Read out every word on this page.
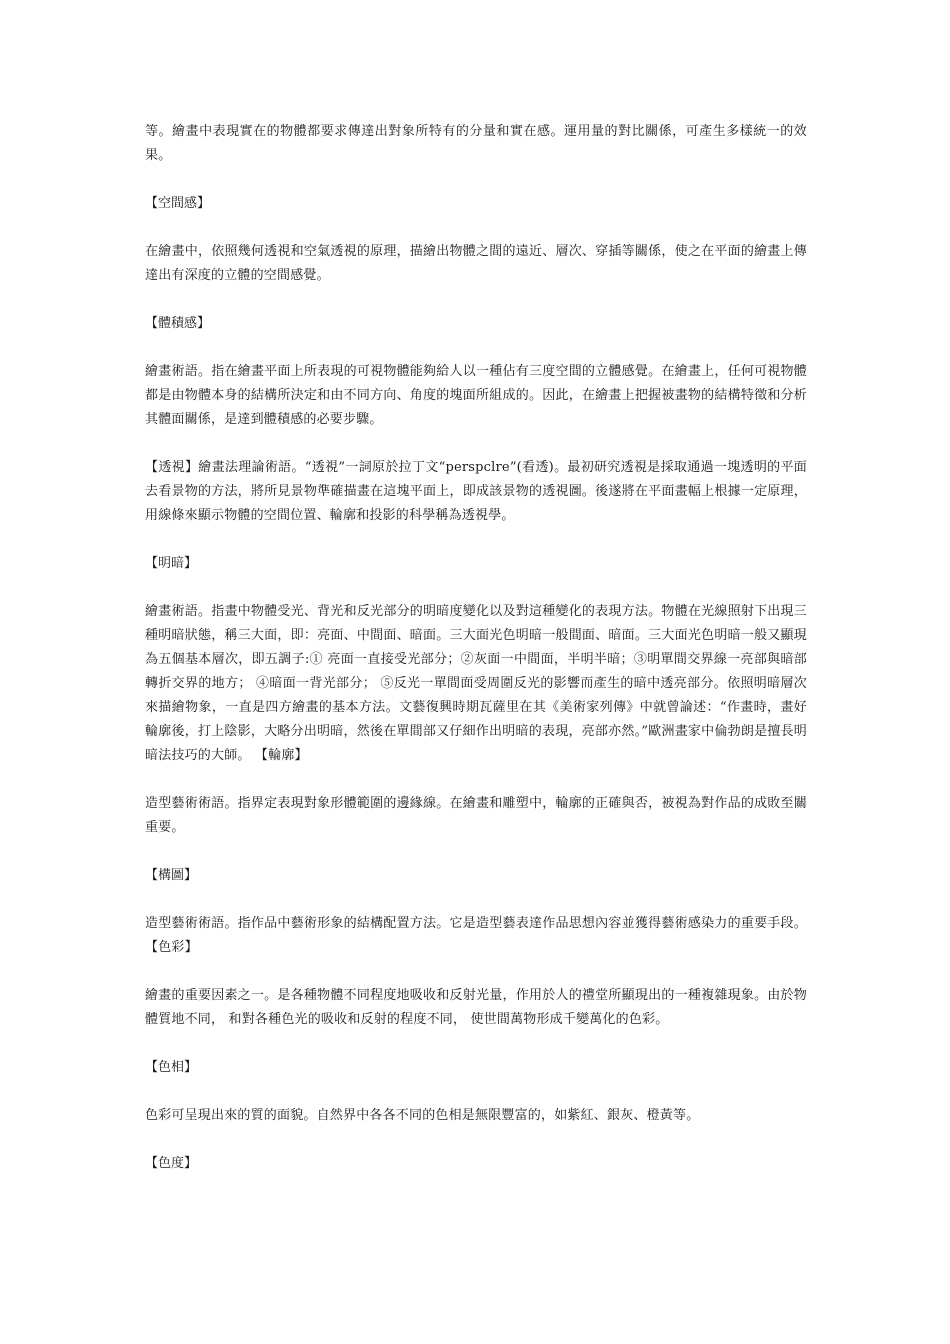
等。繪畫中表現實在的物體都要求傳達出對象所特有的分量和實在感。運用量的對比關係，可產生多樣統一的效果。

【空間感】

在繪畫中，依照幾何透視和空氣透視的原理，描繪出物體之間的遠近、層次、穿插等關係，使之在平面的繪畫上傳達出有深度的立體的空間感覺。

【體積感】

繪畫術語。指在繪畫平面上所表現的可視物體能夠給人以一種佔有三度空間的立體感覺。在繪畫上，任何可視物體都是由物體本身的結構所決定和由不同方向、角度的塊面所組成的。因此，在繪畫上把握被畫物的結構特徵和分析其體面關係，是達到體積感的必要步驟。

【透視】繪畫法理論術語。“透視”一詞原於拉丁文“perspclre”(看透)。最初研究透視是採取通過一塊透明的平面去看景物的方法，將所見景物準確描畫在這塊平面上，即成該景物的透視圖。後遂將在平面畫幅上根據一定原理，用線條來顯示物體的空間位置、輪廓和投影的科學稱為透視學。

【明暗】

繪畫術語。指畫中物體受光、背光和反光部分的明暗度變化以及對這種變化的表現方法。物體在光線照射下出現三種明暗狀態，稱三大面，即：亮面、中間面、暗面。三大面光色明暗一般間面、暗面。三大面光色明暗一般又顯現為五個基本層次，即五調子:① 亮面一直接受光部分；②灰面一中間面，半明半暗；③明單間交界線一亮部與暗部轉折交界的地方； ④暗面一背光部分； ⑤反光一單間面受周圍反光的影響而產生的暗中透亮部分。依照明暗層次來描繪物象，一直是四方繪畫的基本方法。文藝復興時期瓦薩里在其《美術家列傳》中就曾論述：“作畫時，畫好輪廓後，打上陰影，大略分出明暗，然後在單間部又仔細作出明暗的表現，亮部亦然。”歐洲畫家中倫勃朗是擅長明暗法技巧的大師。 【輪廓】

造型藝術術語。指界定表現對象形體範圍的邊緣線。在繪畫和雕塑中，輪廓的正確與否，被視為對作品的成敗至關重要。

【構圖】

造型藝術術語。指作品中藝術形象的結構配置方法。它是造型藝表達作品思想內容並獲得藝術感染力的重要手段。 【色彩】

繪畫的重要因素之一。是各種物體不同程度地吸收和反射光量，作用於人的禮堂所顯現出的一種複雜現象。由於物體質地不同， 和對各種色光的吸收和反射的程度不同， 使世間萬物形成千變萬化的色彩。

【色相】

色彩可呈現出來的質的面貌。自然界中各各不同的色相是無限豐富的，如紫紅、銀灰、橙黃等。

【色度】
